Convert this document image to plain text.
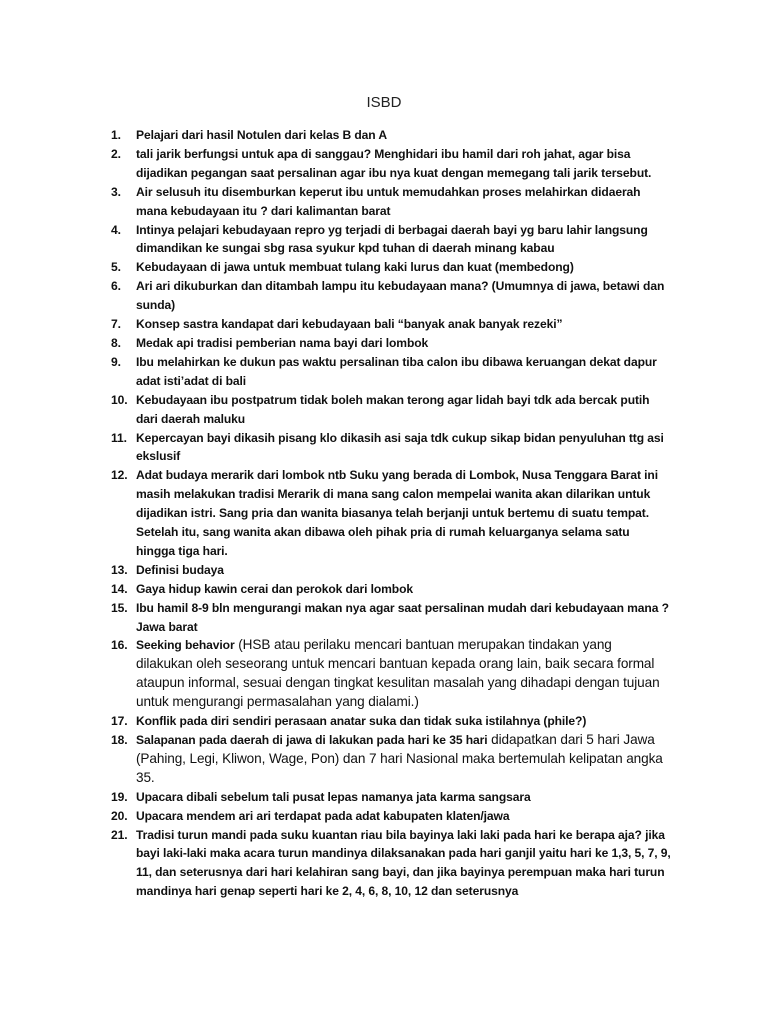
ISBD
1.	Pelajari dari hasil Notulen dari kelas B dan A
2.	tali jarik berfungsi untuk apa di sanggau? Menghidari ibu hamil dari roh jahat, agar bisa dijadikan pegangan saat persalinan agar ibu nya kuat dengan memegang tali jarik tersebut.
3.	Air selusuh itu disemburkan keperut ibu untuk memudahkan proses melahirkan didaerah mana kebudayaan itu ? dari kalimantan barat
4.	Intinya pelajari kebudayaan repro yg terjadi di berbagai daerah bayi yg baru lahir langsung dimandikan ke sungai sbg rasa syukur kpd tuhan di daerah minang kabau
5.	Kebudayaan di jawa untuk membuat tulang kaki lurus dan kuat (membedong)
6.	Ari ari dikuburkan dan ditambah lampu itu kebudayaan mana? (Umumnya di jawa, betawi dan sunda)
7.	Konsep sastra kandapat dari kebudayaan bali “banyak anak banyak rezeki”
8.	Medak api tradisi pemberian nama bayi dari lombok
9.	Ibu melahirkan ke dukun pas waktu persalinan tiba calon ibu dibawa keruangan dekat dapur adat isti’adat di bali
10. Kebudayaan ibu postpatrum tidak boleh makan terong agar lidah bayi tdk ada bercak putih dari daerah maluku
11. Kepercayan bayi dikasih pisang klo dikasih asi saja tdk cukup sikap bidan penyuluhan ttg asi ekslusif
12. Adat budaya merarik dari lombok ntb Suku yang berada di Lombok, Nusa Tenggara Barat ini masih melakukan tradisi Merarik di mana sang calon mempelai wanita akan dilarikan untuk dijadikan istri. Sang pria dan wanita biasanya telah berjanji untuk bertemu di suatu tempat. Setelah itu, sang wanita akan dibawa oleh pihak pria di rumah keluarganya selama satu hingga tiga hari.
13. Definisi budaya
14. Gaya hidup kawin cerai dan perokok dari lombok
15. Ibu hamil 8-9 bln mengurangi makan nya agar saat persalinan mudah dari kebudayaan mana ? Jawa barat
16. Seeking behavior (HSB atau perilaku mencari bantuan merupakan tindakan yang dilakukan oleh seseorang untuk mencari bantuan kepada orang lain, baik secara formal ataupun informal, sesuai dengan tingkat kesulitan masalah yang dihadapi dengan tujuan untuk mengurangi permasalahan yang dialami.)
17. Konflik pada diri sendiri perasaan anatar suka dan tidak suka istilahnya (phile?)
18. Salapanan pada daerah di jawa di lakukan pada hari ke 35 hari didapatkan dari 5 hari Jawa (Pahing, Legi, Kliwon, Wage, Pon) dan 7 hari Nasional maka bertemulah kelipatan angka 35.
19. Upacara dibali sebelum tali pusat lepas namanya jata karma sangsara
20. Upacara mendem ari ari terdapat pada adat kabupaten klaten/jawa
21. Tradisi turun mandi pada suku kuantan riau bila bayinya laki laki pada hari ke berapa aja? jika bayi laki-laki maka acara turun mandinya dilaksanakan pada hari ganjil yaitu hari ke 1,3, 5, 7, 9, 11, dan seterusnya dari hari kelahiran sang bayi, dan jika bayinya perempuan maka hari turun mandinya hari genap seperti hari ke 2, 4, 6, 8, 10, 12 dan seterusnya
